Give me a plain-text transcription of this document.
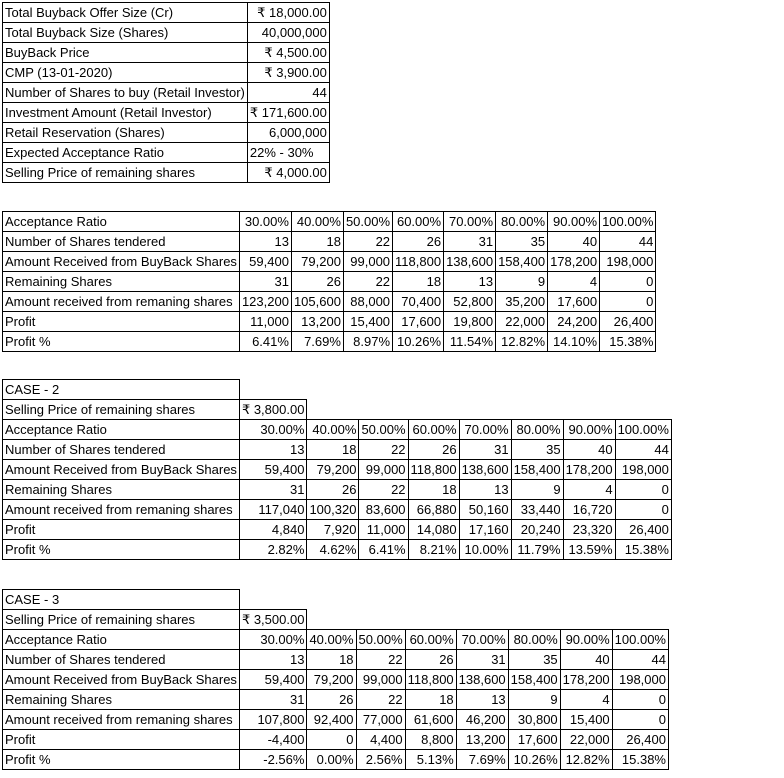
Total Buyback Offer Size (Cr)	₹ 18,000.00
Total Buyback Size (Shares)	40,000,000
BuyBack Price	₹ 4,500.00
CMP (13-01-2020)	₹ 3,900.00
Number of Shares to buy (Retail Investor)	44
Investment Amount (Retail Investor)	₹ 171,600.00
Retail Reservation (Shares)	6,000,000
Expected Acceptance Ratio	22% - 30%
Selling Price of remaining shares	₹ 4,000.00
Acceptance Ratio	30.00%	40.00%	50.00%	60.00%	70.00%	80.00%	90.00%	100.00%
Number of Shares tendered	13	18	22	26	31	35	40	44
Amount Received from BuyBack Shares	59,400	79,200	99,000	118,800	138,600	158,400	178,200	198,000
Remaining Shares	31	26	22	18	13	9	4	0
Amount received from remaning shares	123,200	105,600	88,000	70,400	52,800	35,200	17,600	0
Profit	11,000	13,200	15,400	17,600	19,800	22,000	24,200	26,400
Profit %	6.41%	7.69%	8.97%	10.26%	11.54%	12.82%	14.10%	15.38%
CASE - 2								
Selling Price of remaining shares	₹ 3,800.00							
Acceptance Ratio	30.00%	40.00%	50.00%	60.00%	70.00%	80.00%	90.00%	100.00%
Number of Shares tendered	13	18	22	26	31	35	40	44
Amount Received from BuyBack Shares	59,400	79,200	99,000	118,800	138,600	158,400	178,200	198,000
Remaining Shares	31	26	22	18	13	9	4	0
Amount received from remaning shares	117,040	100,320	83,600	66,880	50,160	33,440	16,720	0
Profit	4,840	7,920	11,000	14,080	17,160	20,240	23,320	26,400
Profit %	2.82%	4.62%	6.41%	8.21%	10.00%	11.79%	13.59%	15.38%
CASE - 3								
Selling Price of remaining shares	₹ 3,500.00							
Acceptance Ratio	30.00%	40.00%	50.00%	60.00%	70.00%	80.00%	90.00%	100.00%
Number of Shares tendered	13	18	22	26	31	35	40	44
Amount Received from BuyBack Shares	59,400	79,200	99,000	118,800	138,600	158,400	178,200	198,000
Remaining Shares	31	26	22	18	13	9	4	0
Amount received from remaning shares	107,800	92,400	77,000	61,600	46,200	30,800	15,400	0
Profit	-4,400	0	4,400	8,800	13,200	17,600	22,000	26,400
Profit %	-2.56%	0.00%	2.56%	5.13%	7.69%	10.26%	12.82%	15.38%
